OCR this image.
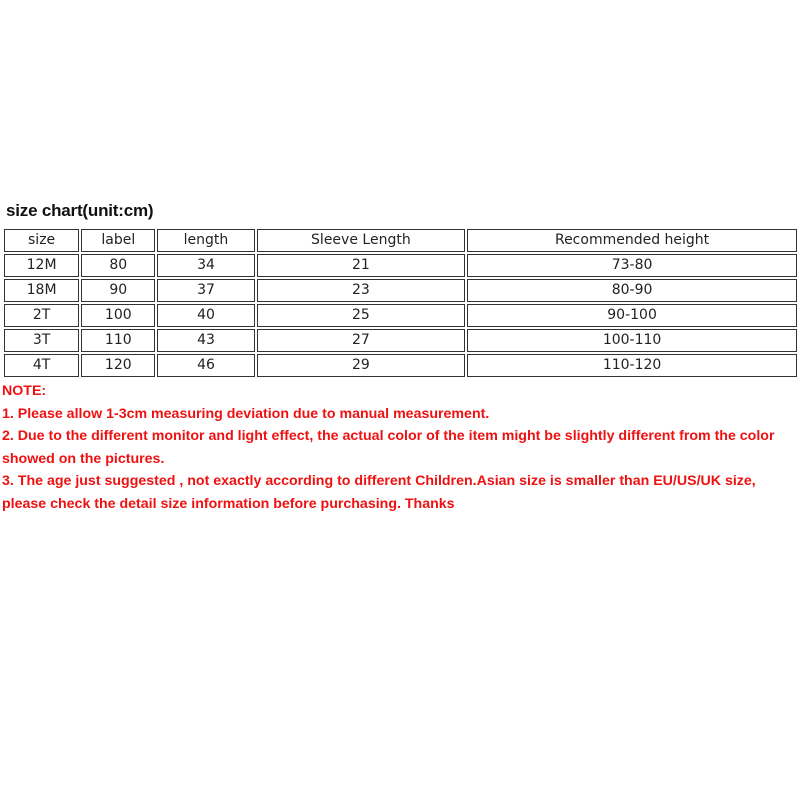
size chart(unit:cm)
size	label	length	Sleeve Length	Recommended height
12M	80	34	21	73-80
18M	90	37	23	80-90
2T	100	40	25	90-100
3T	110	43	27	100-110
4T	120	46	29	110-120

NOTE:

1. Please allow 1-3cm measuring deviation due to manual measurement.

2. Due to the different monitor and light effect, the actual color of the item might be slightly different from the color showed on the pictures.

3. The age just suggested , not exactly according to different Children.Asian size is smaller than EU/US/UK size, please check the detail size information before purchasing. Thanks
